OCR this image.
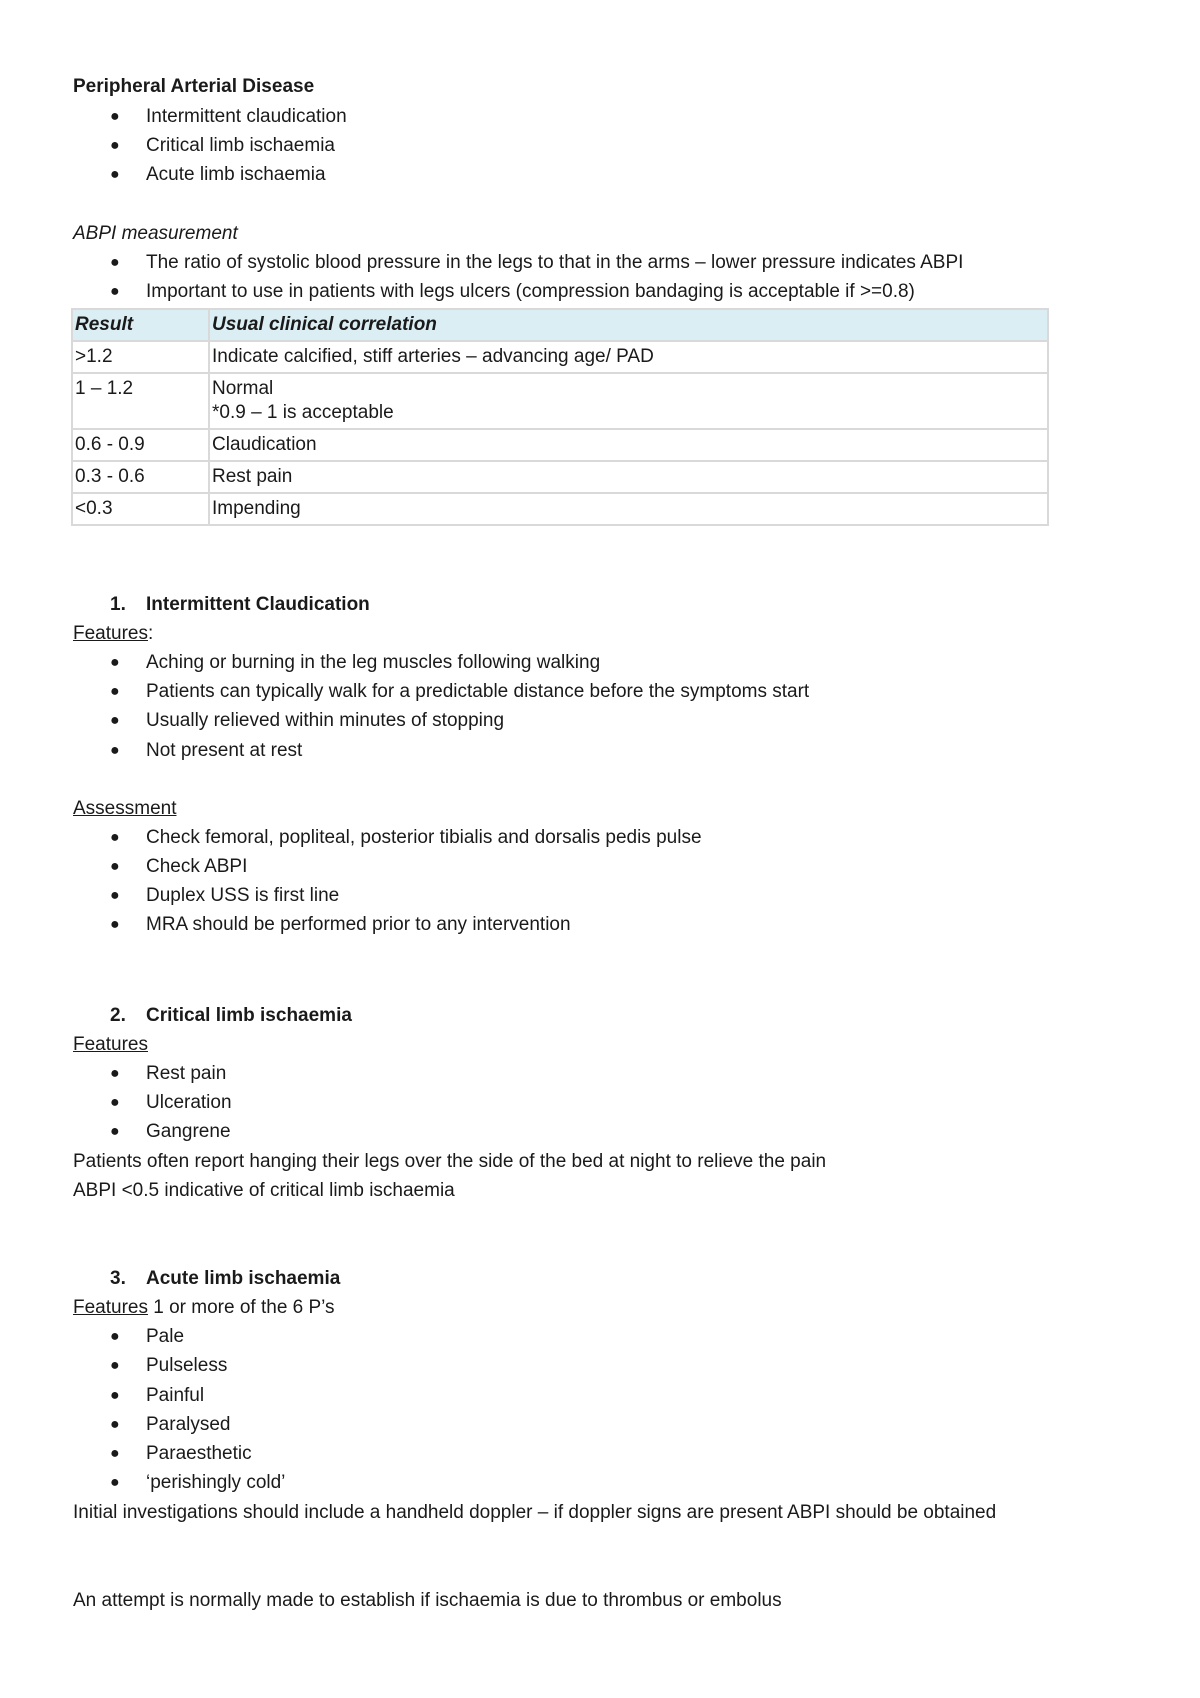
Peripheral Arterial Disease
● Intermittent claudication
● Critical limb ischaemia
● Acute limb ischaemia
ABPI measurement
● The ratio of systolic blood pressure in the legs to that in the arms – lower pressure indicates ABPI
● Important to use in patients with legs ulcers (compression bandaging is acceptable if >=0.8)
Result	Usual clinical correlation
>1.2	Indicate calcified, stiff arteries – advancing age/ PAD
1 – 1.2	Normal
*0.9 – 1 is acceptable

0.6 - 0.9	Claudication
0.3 - 0.6	Rest pain
<0.3	Impending
1. Intermittent Claudication
Features:
● Aching or burning in the leg muscles following walking
● Patients can typically walk for a predictable distance before the symptoms start
● Usually relieved within minutes of stopping
● Not present at rest
Assessment
● Check femoral, popliteal, posterior tibialis and dorsalis pedis pulse
● Check ABPI
● Duplex USS is first line
● MRA should be performed prior to any intervention
2. Critical limb ischaemia
Features
● Rest pain
● Ulceration
● Gangrene
Patients often report hanging their legs over the side of the bed at night to relieve the pain
ABPI <0.5 indicative of critical limb ischaemia
3. Acute limb ischaemia
Features 1 or more of the 6 P’s
● Pale
● Pulseless
● Painful
● Paralysed
● Paraesthetic
● ‘perishingly cold’
Initial investigations should include a handheld doppler – if doppler signs are present ABPI should be obtained
An attempt is normally made to establish if ischaemia is due to thrombus or embolus
